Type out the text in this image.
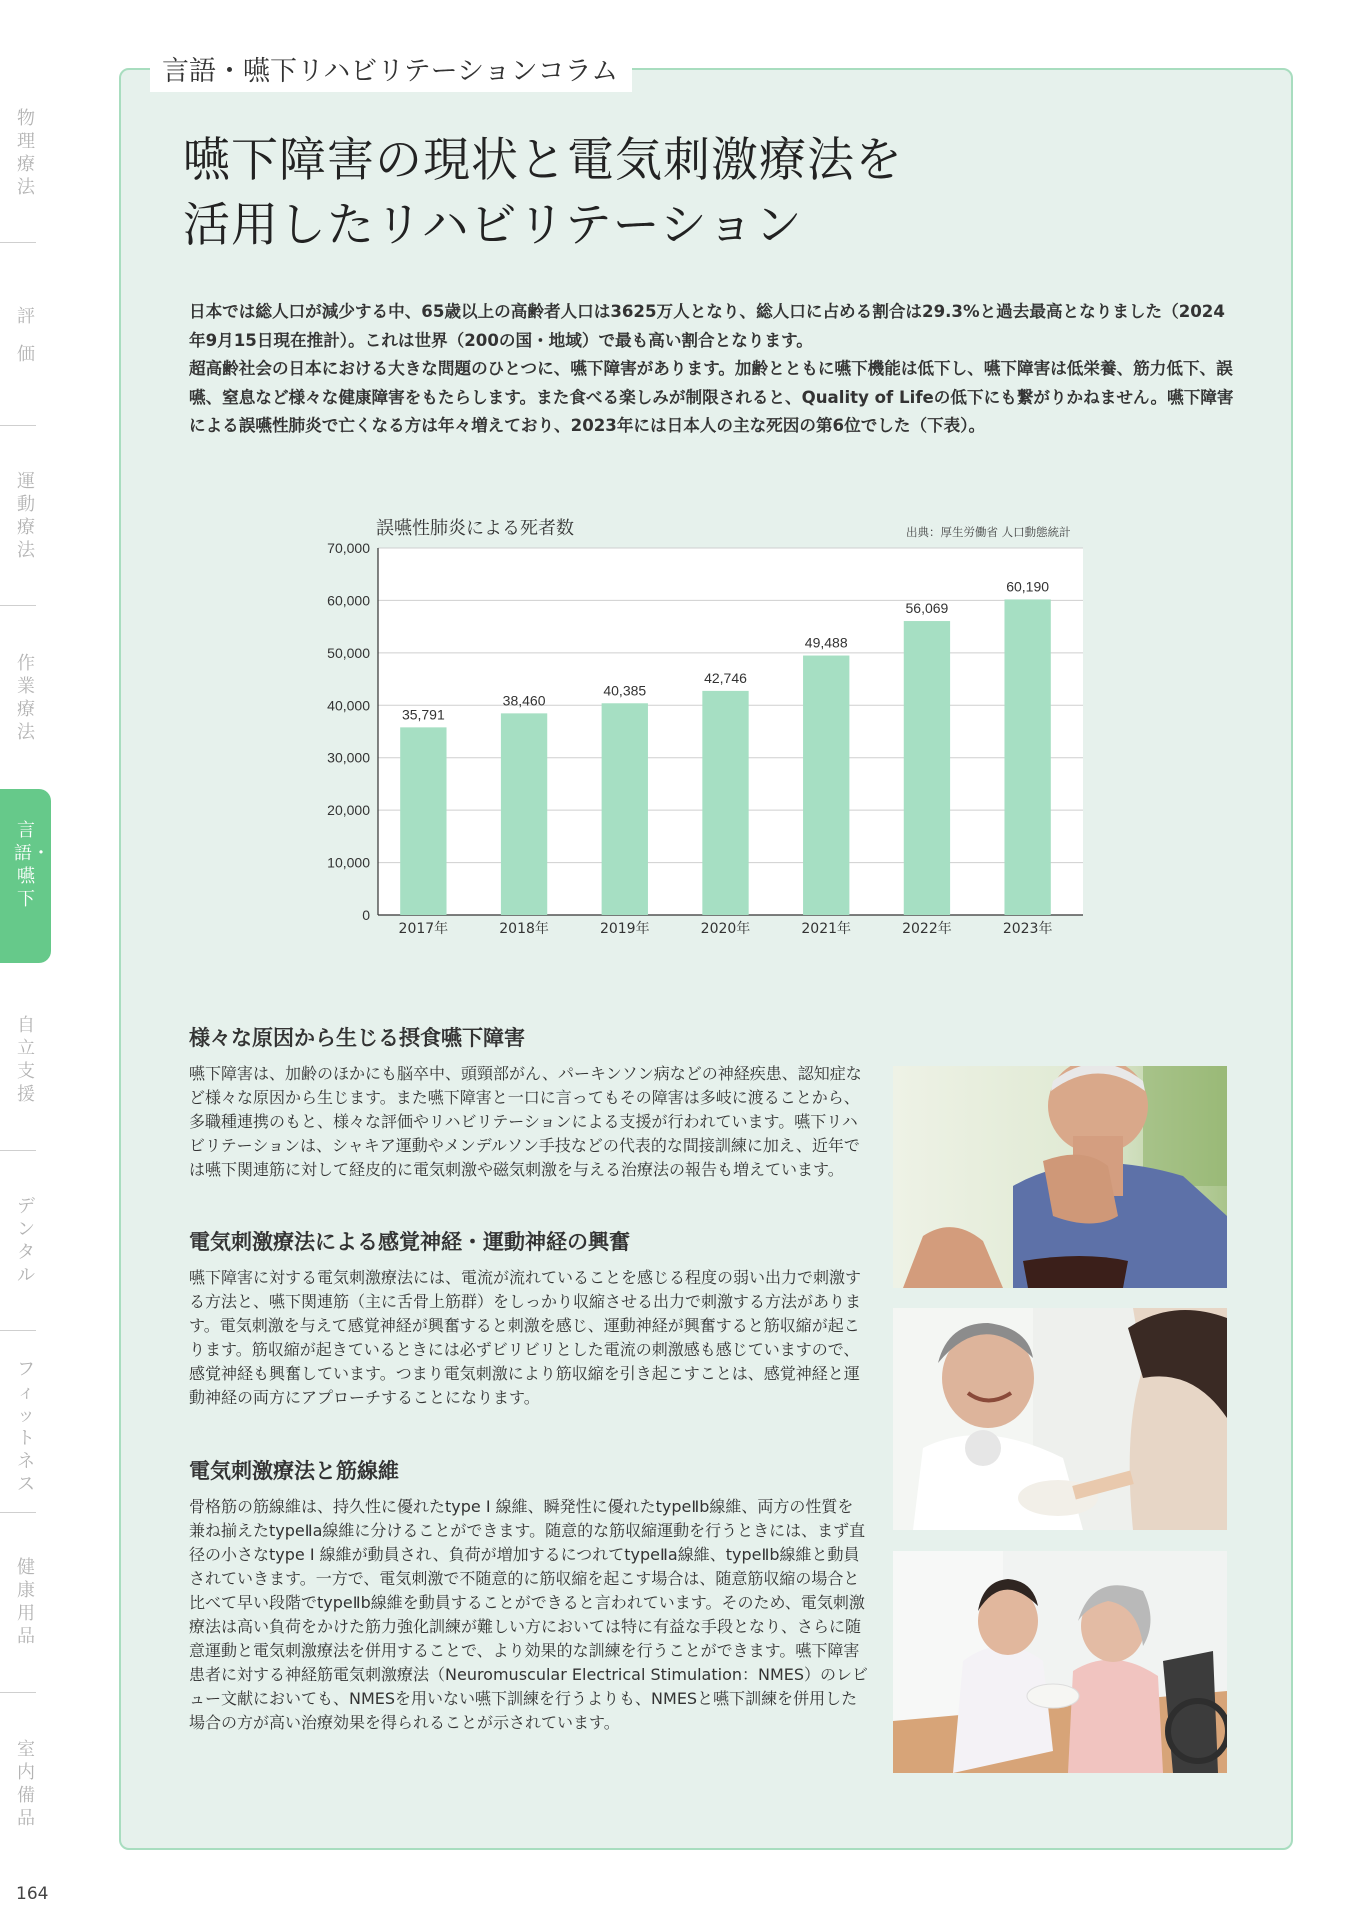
物理療法
評価
運動療法
作業療法
言語・嚥下
自立支援
デンタル
フィットネス
健康用品
室内備品
164
言語・嚥下リハビリテーションコラム
嚥下障害の現状と電気刺激療法を
活用したリハビリテーション

日本では総人口が減少する中、65歳以上の高齢者人口は3625万人となり、総人口に占める割合は29.3%と過去最高となりました（2024年9月15日現在推計）。これは世界（200の国・地域）で最も高い割合となります。

超高齢社会の日本における大きな問題のひとつに、嚥下障害があります。加齢とともに嚥下機能は低下し、嚥下障害は低栄養、筋力低下、誤嚥、窒息など様々な健康障害をもたらします。また食べる楽しみが制限されると、Quality of Lifeの低下にも繋がりかねません。嚥下障害による誤嚥性肺炎で亡くなる方は年々増えており、2023年には日本人の主な死因の第6位でした（下表）。

誤嚥性肺炎による死者数	出典：厚生労働省 人口動態統計
0
10,000
20,000
30,000
40,000
50,000
60,000
70,000
35,791
2017年
38,460
2018年
40,385
2019年
42,746
2020年
49,488
2021年
56,069
2022年
60,190
2023年
様々な原因から生じる摂食嚥下障害

嚥下障害は、加齢のほかにも脳卒中、頭頸部がん、パーキンソン病などの神経疾患、認知症など様々な原因から生じます。また嚥下障害と一口に言ってもその障害は多岐に渡ることから、多職種連携のもと、様々な評価やリハビリテーションによる支援が行われています。嚥下リハビリテーションは、シャキア運動やメンデルソン手技などの代表的な間接訓練に加え、近年では嚥下関連筋に対して経皮的に電気刺激や磁気刺激を与える治療法の報告も増えています。

電気刺激療法による感覚神経・運動神経の興奮

嚥下障害に対する電気刺激療法には、電流が流れていることを感じる程度の弱い出力で刺激する方法と、嚥下関連筋（主に舌骨上筋群）をしっかり収縮させる出力で刺激する方法があります。電気刺激を与えて感覚神経が興奮すると刺激を感じ、運動神経が興奮すると筋収縮が起こります。筋収縮が起きているときには必ずビリビリとした電流の刺激感も感じていますので、感覚神経も興奮しています。つまり電気刺激により筋収縮を引き起こすことは、感覚神経と運動神経の両方にアプローチすることになります。

電気刺激療法と筋線維

骨格筋の筋線維は、持久性に優れたtype Ⅰ 線維、瞬発性に優れたtypeⅡb線維、両方の性質を兼ね揃えたtypeⅡa線維に分けることができます。随意的な筋収縮運動を行うときには、まず直径の小さなtype Ⅰ 線維が動員され、負荷が増加するにつれてtypeⅡa線維、typeⅡb線維と動員されていきます。一方で、電気刺激で不随意的に筋収縮を起こす場合は、随意筋収縮の場合と比べて早い段階でtypeⅡb線維を動員することができると言われています。そのため、電気刺激療法は高い負荷をかけた筋力強化訓練が難しい方においては特に有益な手段となり、さらに随意運動と電気刺激療法を併用することで、より効果的な訓練を行うことができます。嚥下障害患者に対する神経筋電気刺激療法（Neuromuscular Electrical Stimulation：NMES）のレビュー文献においても、NMESを用いない嚥下訓練を行うよりも、NMESと嚥下訓練を併用した場合の方が高い治療効果を得られることが示されています。
